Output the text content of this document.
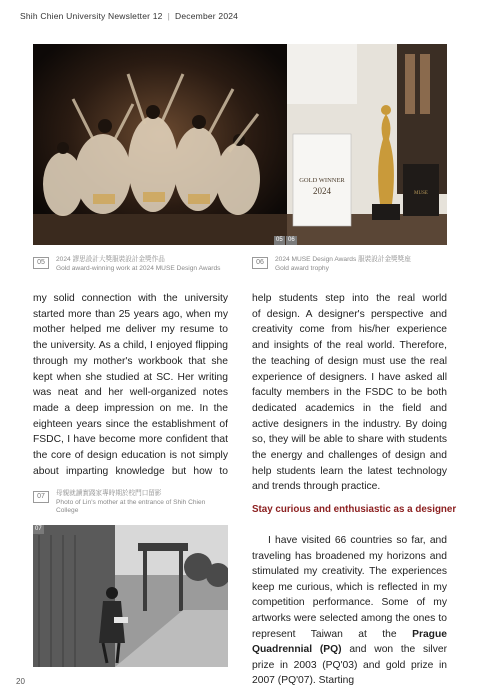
Shih Chien University Newsletter 12 | December 2024
GOLD WINNER
2024	MUSE
05 06
05	2024 謬思設計大獎服裝設計金獎作品
Gold award-winning work at 2024 MUSE Design Awards
06	2024 MUSE Design Awards 服裝設計金獎獎座
Gold award trophy

my solid connection with the university

started more than 25 years ago, when my

mother helped me deliver my resume to

the university. As a child, I enjoyed flipping

through my mother's workbook that she

kept when she studied at SC. Her writing

was neat and her well-organized notes

made a deep impression on me. In the

eighteen years since the establishment of

FSDC, I have become more confident that

the core of design education is not simply

about imparting knowledge but how to

help students step into the real world

of design. A designer's perspective and

creativity come from his/her experience

and insights of the real world. Therefore,

the teaching of design must use the real

experience of designers. I have asked all

faculty members in the FSDC to be both

dedicated academics in the field and

active designers in the industry. By doing

so, they will be able to share with students

the energy and challenges of design and

help students learn the latest technology

and trends through practice.

07	母親就讀實踐家專時期於校門口留影
Photo of Lin's mother at the entrance of Shih Chien College
07
Stay curious and enthusiastic as a designer
I have visited 66 countries so far, and traveling has broadened my horizons and stimulated my creativity. The experiences keep me curious, which is reflected in my competition performance. Some of my artworks were selected among the ones to represent Taiwan at the Prague Quadrennial (PQ) and won the silver prize in 2003 (PQ'03) and gold prize in 2007 (PQ'07). Starting
20
